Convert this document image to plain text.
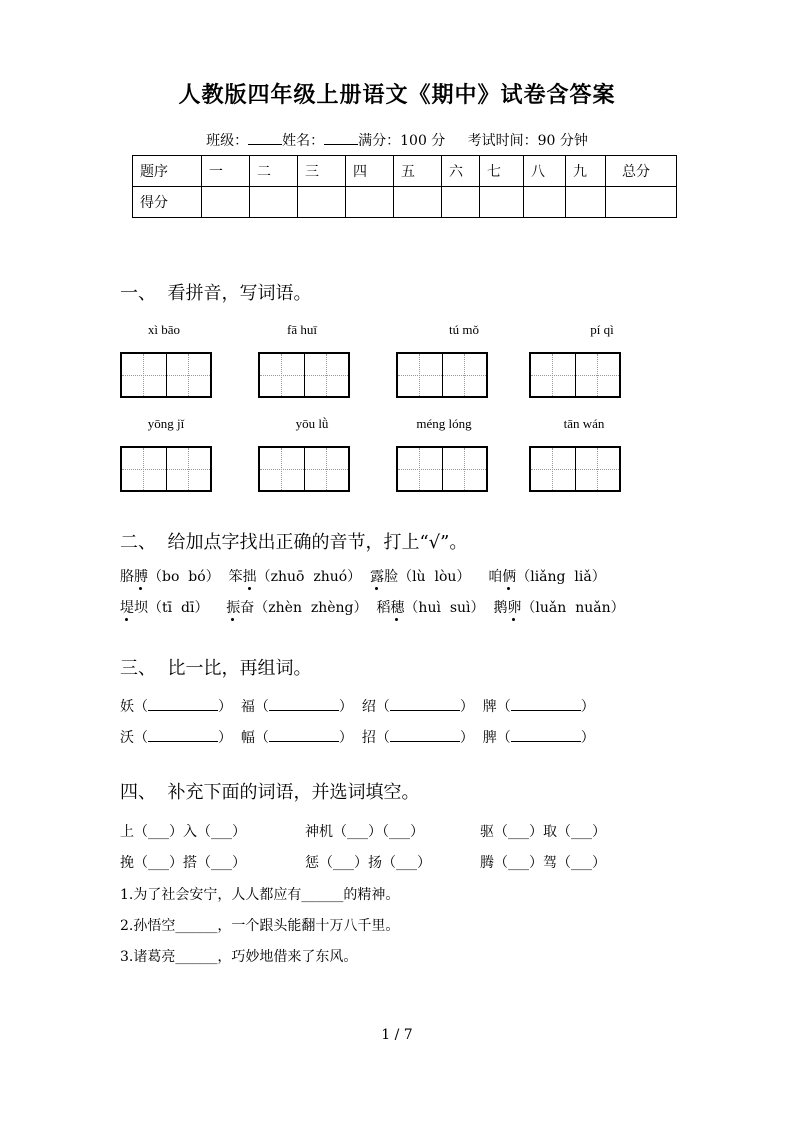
人教版四年级上册语文《期中》试卷含答案
班级： 姓名： 满分：100 分 考试时间：90 分钟
题序	一	二	三	四	五	六	七	八	九	总分
得分										
一、  看拼音，写词语。
xì bāo	fā huī	tú mǒ	pí qì
yōng jǐ	yōu lǜ	méng lóng	tān wán
二、  给加点字找出正确的音节，打上“√”。
胳膊（bo  bó） 笨拙（zhuō  zhuó） 露脸（lù  lòu） 咱俩（liǎng  liǎ）
堤坝（tī  dī） 振奋（zhèn  zhèng） 稻穗（huì  suì） 鹅卵（luǎn  nuǎn）
三、  比一比，再组词。
妖（	）  福（	）  绍（	）  牌（	）
沃（	）  幅（	）  招（	）  脾（	）
四、  补充下面的词语，并选词填空。
上（___）入（___）	神机（___）（___）	驱（___）取（___）
挽（___）搭（___）	惩（___）扬（___）	腾（___）驾（___）
1.为了社会安宁，人人都应有______的精神。
2.孙悟空______，一个跟头能翻十万八千里。
3.诸葛亮______，巧妙地借来了东风。
1 / 7
